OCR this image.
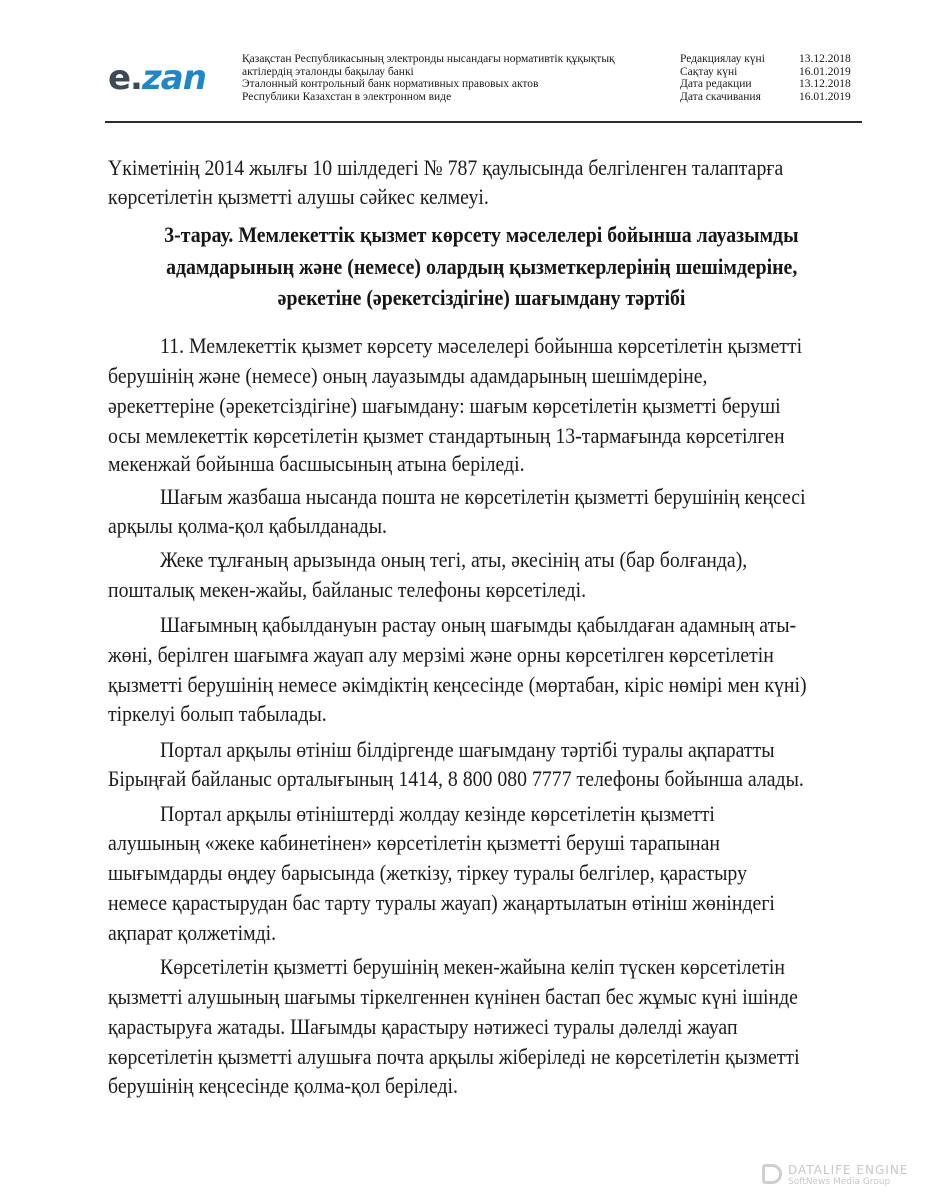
e.zan	Қазақстан Республикасының электронды нысандағы нормативтік құқықтық
актілердің эталонды бақылау банкі
Эталонный контрольный банк нормативных правовых актов
Республики Казахстан в электронном виде
Редакциялау күні	13.12.2018
Сақтау күні	16.01.2019
Дата редакции	13.12.2018
Дата скачивания	16.01.2019
Үкіметінің 2014 жылғы 10 шілдедегі № 787 қаулысында белгіленген талаптарға
көрсетілетін қызметті алушы сәйкес келмеуі.
3-тарау. Мемлекеттік қызмет көрсету мәселелері бойынша лауазымды
адамдарының және (немесе) олардың қызметкерлерінің шешімдеріне,
әрекетіне (әрекетсіздігіне) шағымдану тәртібі
11. Мемлекеттік қызмет көрсету мәселелері бойынша көрсетілетін қызметті
берушінің және (немесе) оның лауазымды адамдарының шешімдеріне,
әрекеттеріне (әрекетсіздігіне) шағымдану: шағым көрсетілетін қызметті беруші
осы мемлекеттік көрсетілетін қызмет стандартының 13-тармағында көрсетілген
мекенжай бойынша басшысының атына беріледі.
Шағым жазбаша нысанда пошта не көрсетілетін қызметті берушінің кеңсесі
арқылы қолма-қол қабылданады.
Жеке тұлғаның арызында оның тегі, аты, әкесінің аты (бар болғанда),
пошталық мекен-жайы, байланыс телефоны көрсетіледі.
Шағымның қабылдануын растау оның шағымды қабылдаған адамның аты-
жөні, берілген шағымға жауап алу мерзімі және орны көрсетілген көрсетілетін
қызметті берушінің немесе әкімдіктің кеңсесінде (мөртабан, кіріс нөмірі мен күні)
тіркелуі болып табылады.
Портал арқылы өтініш білдіргенде шағымдану тәртібі туралы ақпаратты
Бірыңғай байланыс орталығының 1414, 8 800 080 7777 телефоны бойынша алады.
Портал арқылы өтініштерді жолдау кезінде көрсетілетін қызметті
алушының «жеке кабинетінен» көрсетілетін қызметті беруші тарапынан
шығымдарды өңдеу барысында (жеткізу, тіркеу туралы белгілер, қарастыру
немесе қарастырудан бас тарту туралы жауап) жаңартылатын өтініш жөніндегі
ақпарат қолжетімді.
Көрсетілетін қызметті берушінің мекен-жайына келіп түскен көрсетілетін
қызметті алушының шағымы тіркелгеннен күнінен бастап бес жұмыс күні ішінде
қарастыруға жатады. Шағымды қарастыру нәтижесі туралы дәлелді жауап
көрсетілетін қызметті алушыға почта арқылы жіберіледі не көрсетілетін қызметті
берушінің кеңсесінде қолма-қол беріледі.
DATALIFE ENGINE
SoftNews Media Group
